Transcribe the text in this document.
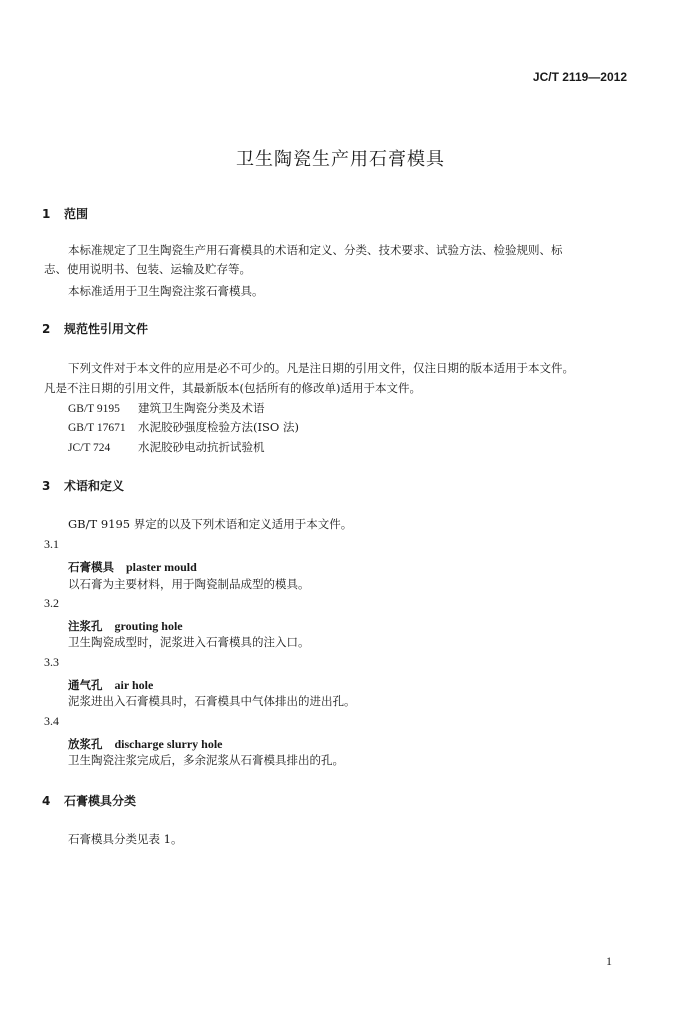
JC/T 2119—2012
卫生陶瓷生产用石膏模具
1 范围
本标准规定了卫生陶瓷生产用石膏模具的术语和定义、分类、技术要求、试验方法、检验规则、标
志、使用说明书、包装、运输及贮存等。
本标准适用于卫生陶瓷注浆石膏模具。
2 规范性引用文件
下列文件对于本文件的应用是必不可少的。凡是注日期的引用文件，仅注日期的版本适用于本文件。
凡是不注日期的引用文件，其最新版本(包括所有的修改单)适用于本文件。
GB/T 9195 建筑卫生陶瓷分类及术语
GB/T 17671 水泥胶砂强度检验方法(ISO 法)
JC/T 724 水泥胶砂电动抗折试验机
3 术语和定义
GB/T 9195 界定的以及下列术语和定义适用于本文件。
3.1
石膏模具 plaster mould
以石膏为主要材料，用于陶瓷制品成型的模具。
3.2
注浆孔 grouting hole
卫生陶瓷成型时，泥浆进入石膏模具的注入口。
3.3
通气孔 air hole
泥浆进出入石膏模具时，石膏模具中气体排出的进出孔。
3.4
放浆孔 discharge slurry hole
卫生陶瓷注浆完成后，多余泥浆从石膏模具排出的孔。
4 石膏模具分类
石膏模具分类见表 1。
1
